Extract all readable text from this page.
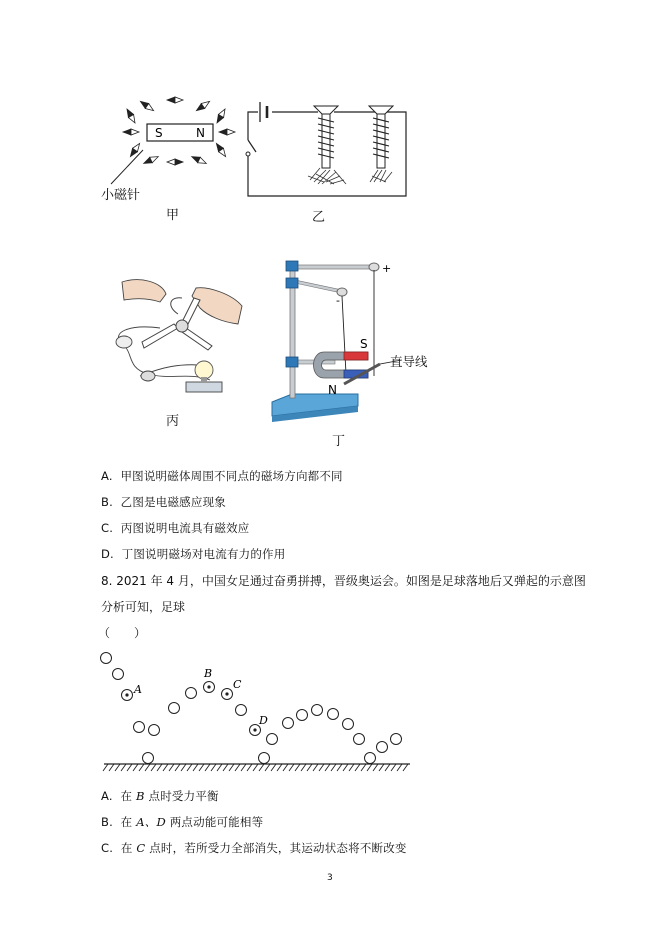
S	N
小磁针
甲	乙
丙
+
-
S
N
直导线
丁
A. 甲图说明磁体周围不同点的磁场方向都不同
B. 乙图是电磁感应现象
C. 丙图说明电流具有磁效应
D. 丁图说明磁场对电流有力的作用
8. 2021 年 4 月，中国女足通过奋勇拼搏，晋级奥运会。如图是足球落地后又弹起的示意图
分析可知，足球
（　　）
A
B
C
D
A. 在 B 点时受力平衡
B. 在 A、D 两点动能可能相等
C. 在 C 点时，若所受力全部消失，其运动状态将不断改变
3
